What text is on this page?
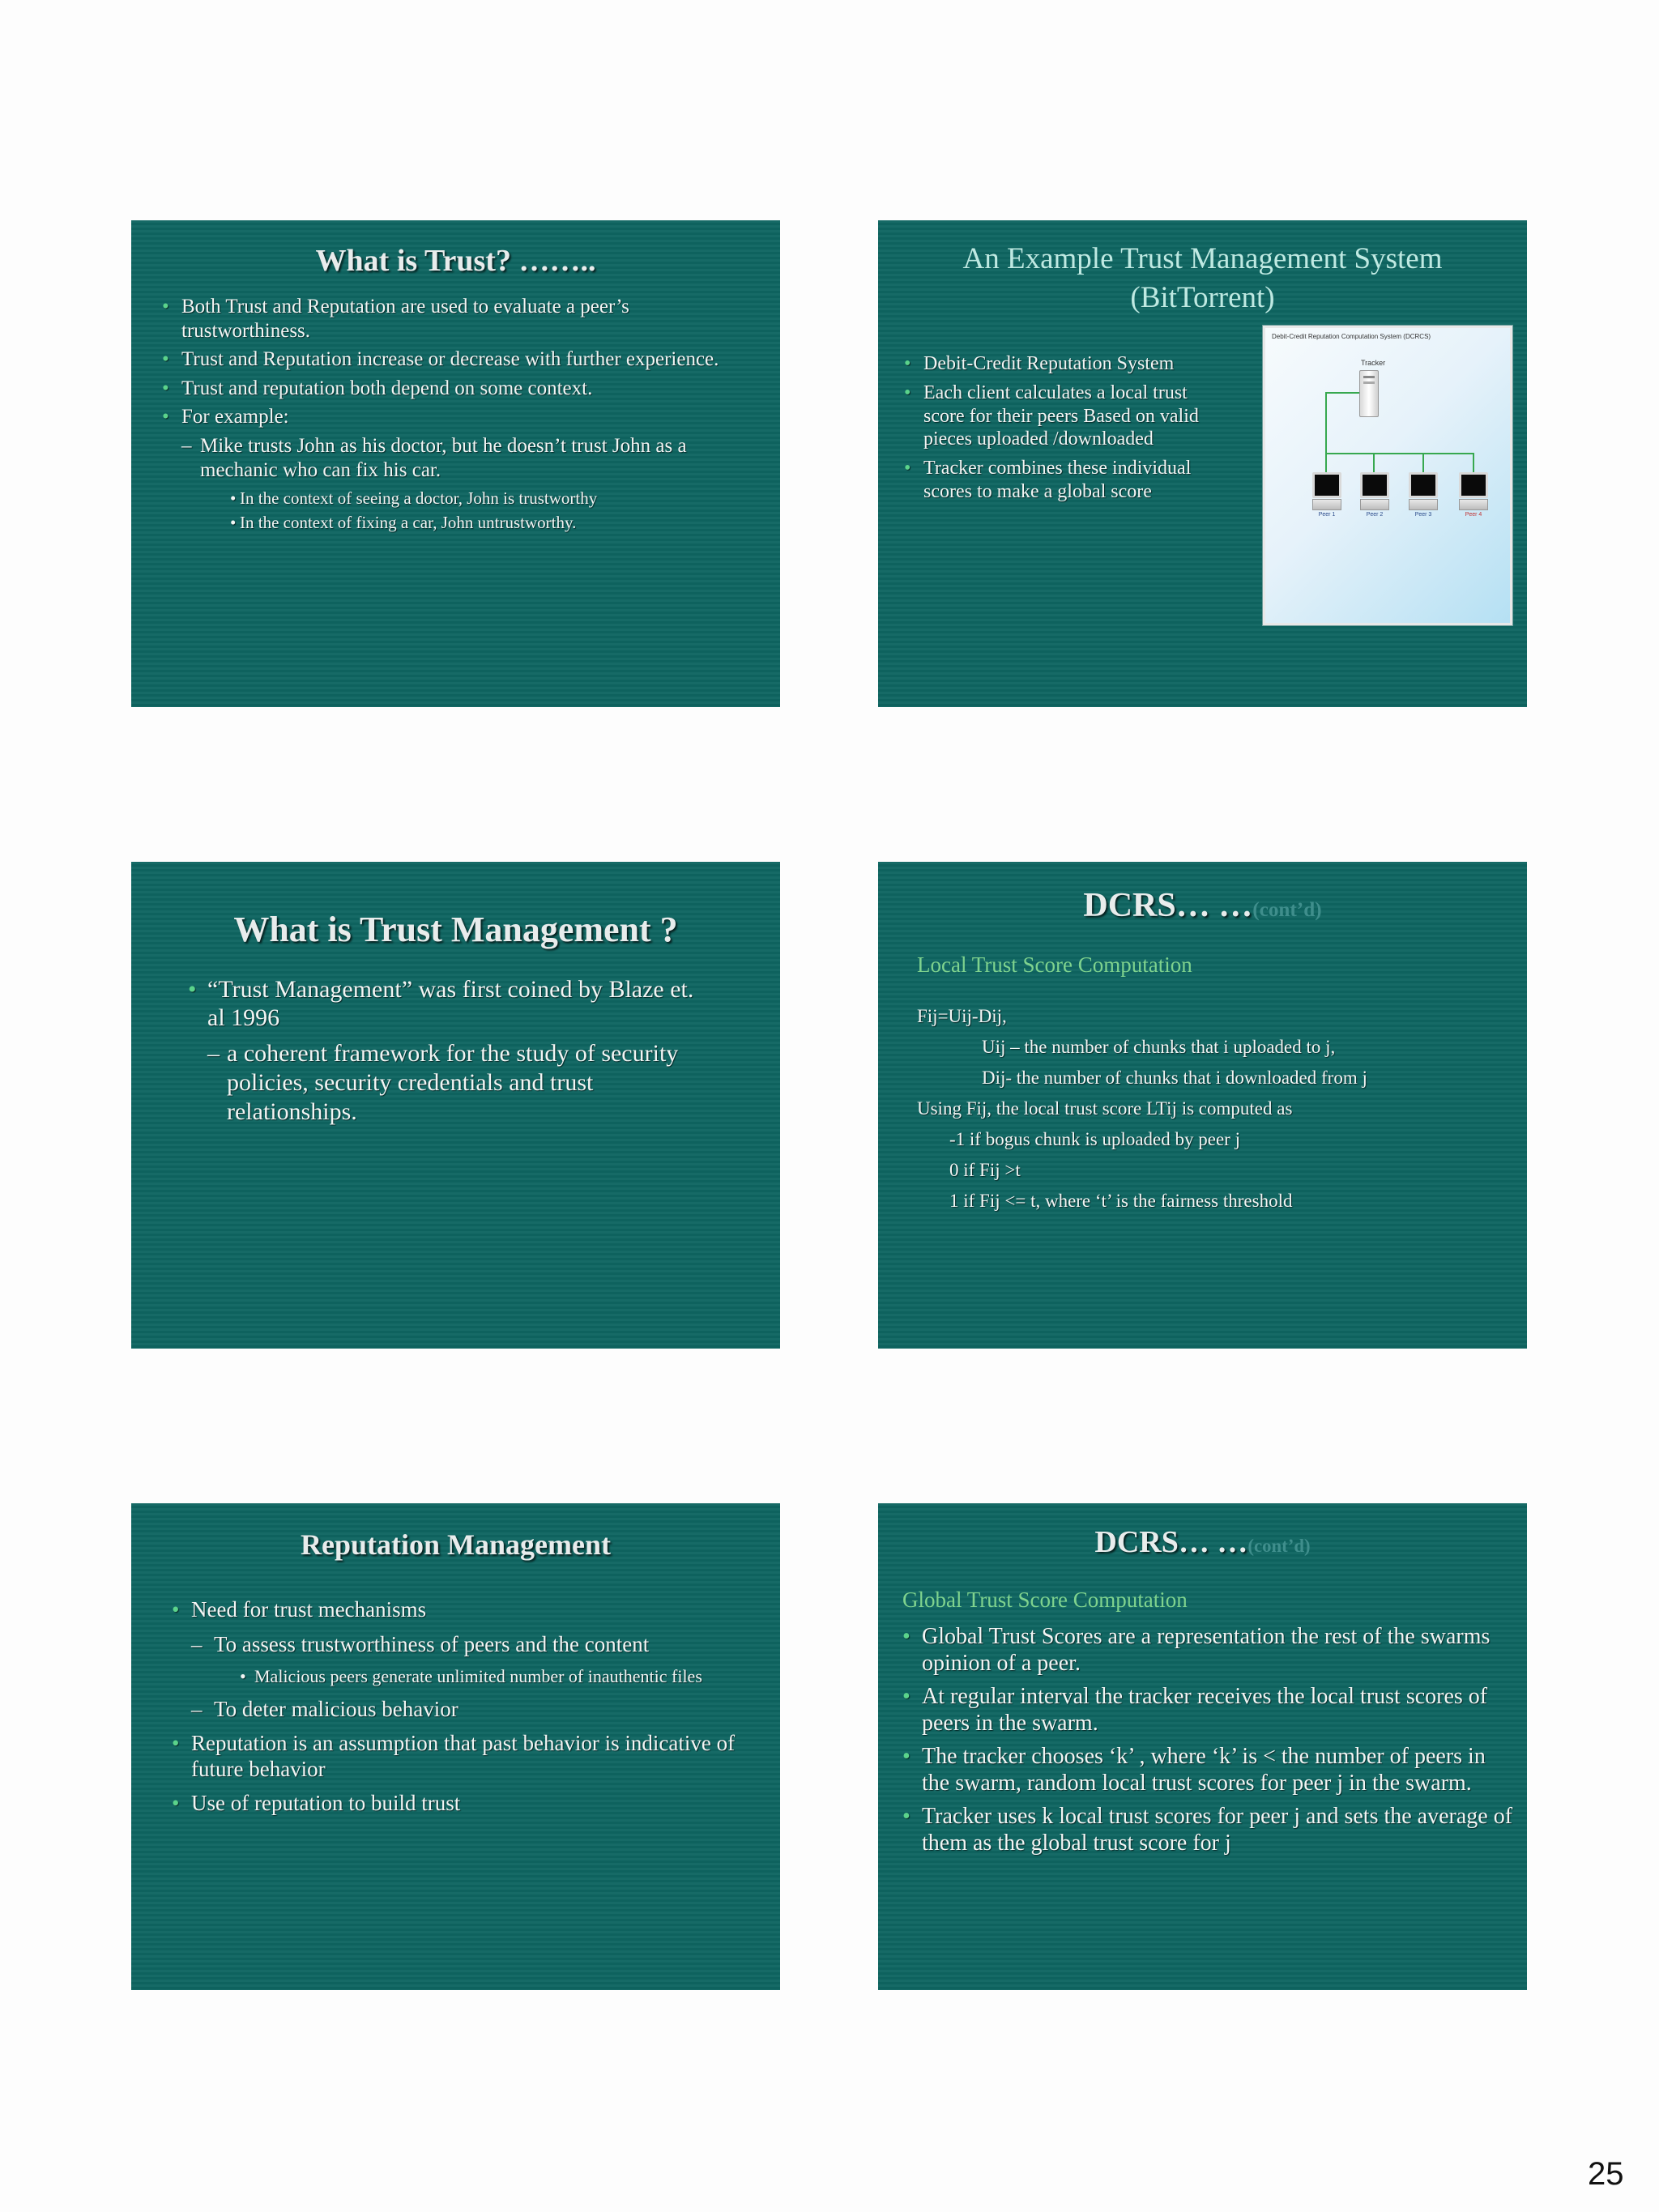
What is Trust? ……..
• Both Trust and Reputation are used to evaluate a peer’s trustworthiness.
• Trust and Reputation increase or decrease with further experience.
• Trust and reputation both depend on some context.
• For example:
– Mike trusts John as his doctor, but he doesn’t trust John as a mechanic who can fix his car.
• In the context of seeing a doctor, John is trustworthy
• In the context of fixing a car, John untrustworthy.
An Example Trust Management System
(BitTorrent)
• Debit-Credit Reputation System
• Each client calculates a local trust score for their peers Based on valid pieces uploaded /downloaded
• Tracker combines these individual scores to make a global score
Debit-Credit Reputation Computation System (DCRCS)
Tracker
Peer 1	Peer 2	Peer 3	Peer 4
What is Trust Management ?
• “Trust Management” was first coined by Blaze et. al 1996
– a coherent framework for the study of security policies, security credentials and trust relationships.
DCRS… …(cont’d)
Local Trust Score Computation
Fij=Uij-Dij,
Uij – the number of chunks that i uploaded to j,
Dij- the number of chunks that i downloaded from j
Using Fij, the local trust score LTij is computed as
-1 if bogus chunk is uploaded by peer j
0 if Fij >t
1 if Fij <= t, where ‘t’ is the fairness threshold
Reputation Management
• Need for trust mechanisms
– To assess trustworthiness of peers and the content
• Malicious peers generate unlimited number of inauthentic files
– To deter malicious behavior
• Reputation is an assumption that past behavior is indicative of future behavior
• Use of reputation to build trust
DCRS… …(cont’d)
Global Trust Score Computation
• Global Trust Scores are a representation the rest of the swarms opinion of a peer.
• At regular interval the tracker receives the local trust scores of peers in the swarm.
• The tracker chooses ‘k’ , where ‘k’ is < the number of peers in the swarm, random local trust scores for peer j in the swarm.
• Tracker uses k local trust scores for peer j and sets the average of them as the global trust score for j
25
